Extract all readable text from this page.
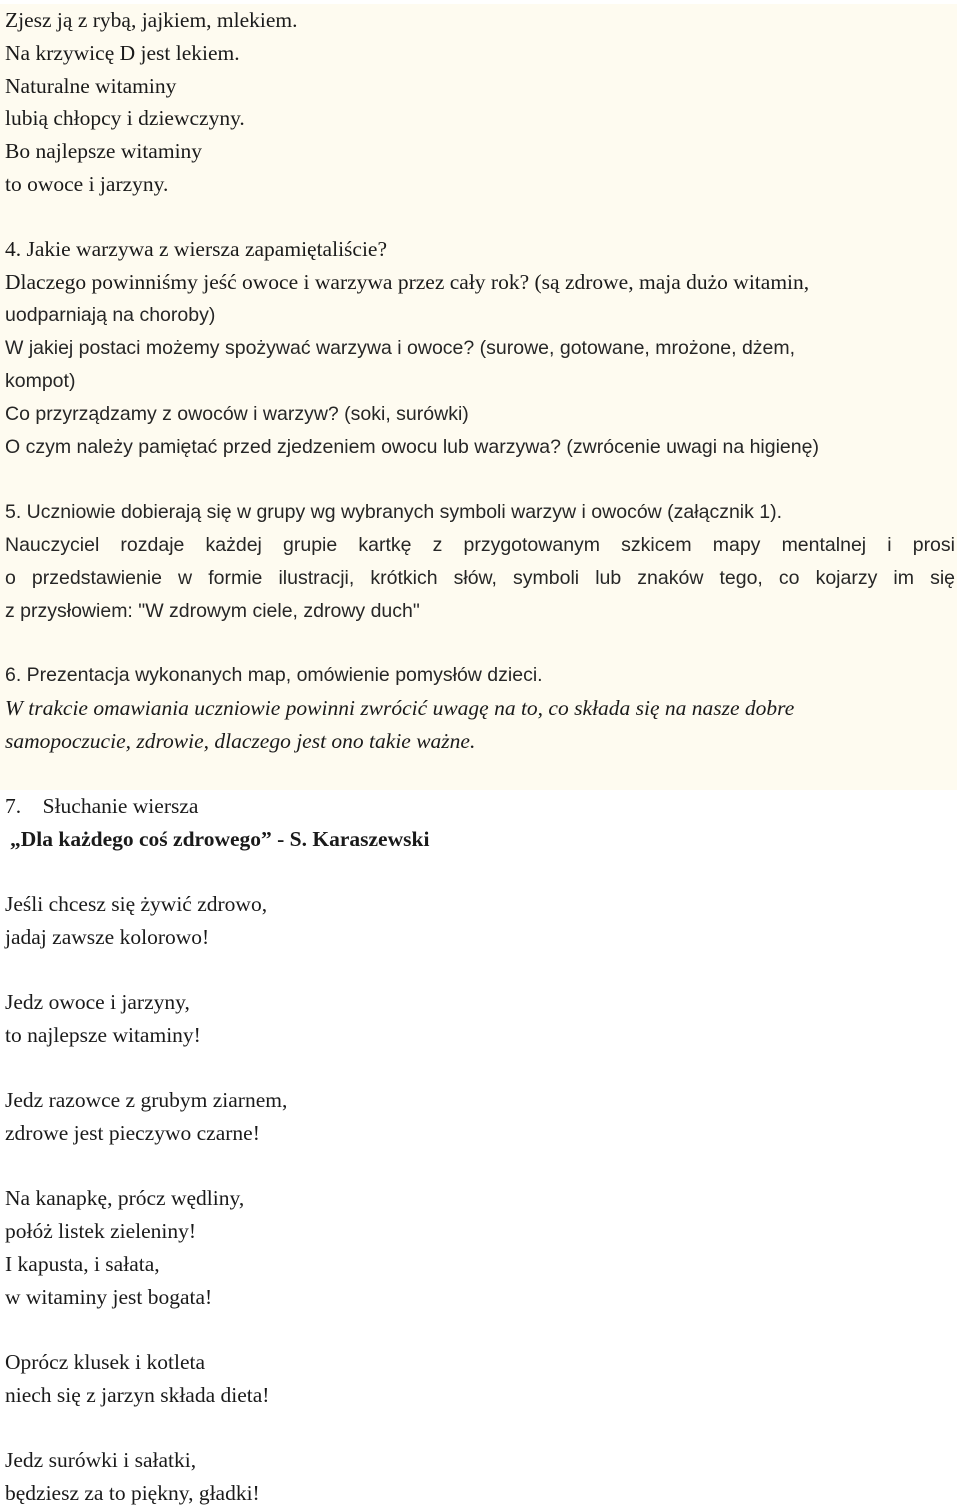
Zjesz ją z rybą, jajkiem, mlekiem.
Na krzywicę D jest lekiem.
Naturalne witaminy
lubią chłopcy i dziewczyny.
Bo najlepsze witaminy
to owoce i jarzyny.
4. Jakie warzywa z wiersza zapamiętaliście?
Dlaczego powinniśmy jeść owoce i warzywa przez cały rok? (są zdrowe, maja dużo witamin,
uodparniają na choroby)
W jakiej postaci możemy spożywać warzywa i owoce? (surowe, gotowane, mrożone, dżem,
kompot)
Co przyrządzamy z owoców i warzyw? (soki, surówki)
O czym należy pamiętać przed zjedzeniem owocu lub warzywa? (zwrócenie uwagi na higienę)
5. Uczniowie dobierają się w grupy wg wybranych symboli warzyw i owoców (załącznik 1).
Nauczyciel rozdaje każdej grupie kartkę z przygotowanym szkicem mapy mentalnej i prosi
o przedstawienie w formie ilustracji, krótkich słów, symboli lub znaków tego, co kojarzy im się
z przysłowiem: "W zdrowym ciele, zdrowy duch"
6. Prezentacja wykonanych map, omówienie pomysłów dzieci.
W trakcie omawiania uczniowie powinni zwrócić uwagę na to, co składa się na nasze dobre
samopoczucie, zdrowie, dlaczego jest ono takie ważne.
7.    Słuchanie wiersza
„Dla każdego coś zdrowego” - S. Karaszewski
Jeśli chcesz się żywić zdrowo,
jadaj zawsze kolorowo!
Jedz owoce i jarzyny,
to najlepsze witaminy!
Jedz razowce z grubym ziarnem,
zdrowe jest pieczywo czarne!
Na kanapkę, prócz wędliny,
połóż listek zieleniny!
I kapusta, i sałata,
w witaminy jest bogata!
Oprócz klusek i kotleta
niech się z jarzyn składa dieta!
Jedz surówki i sałatki,
będziesz za to piękny, gładki!
